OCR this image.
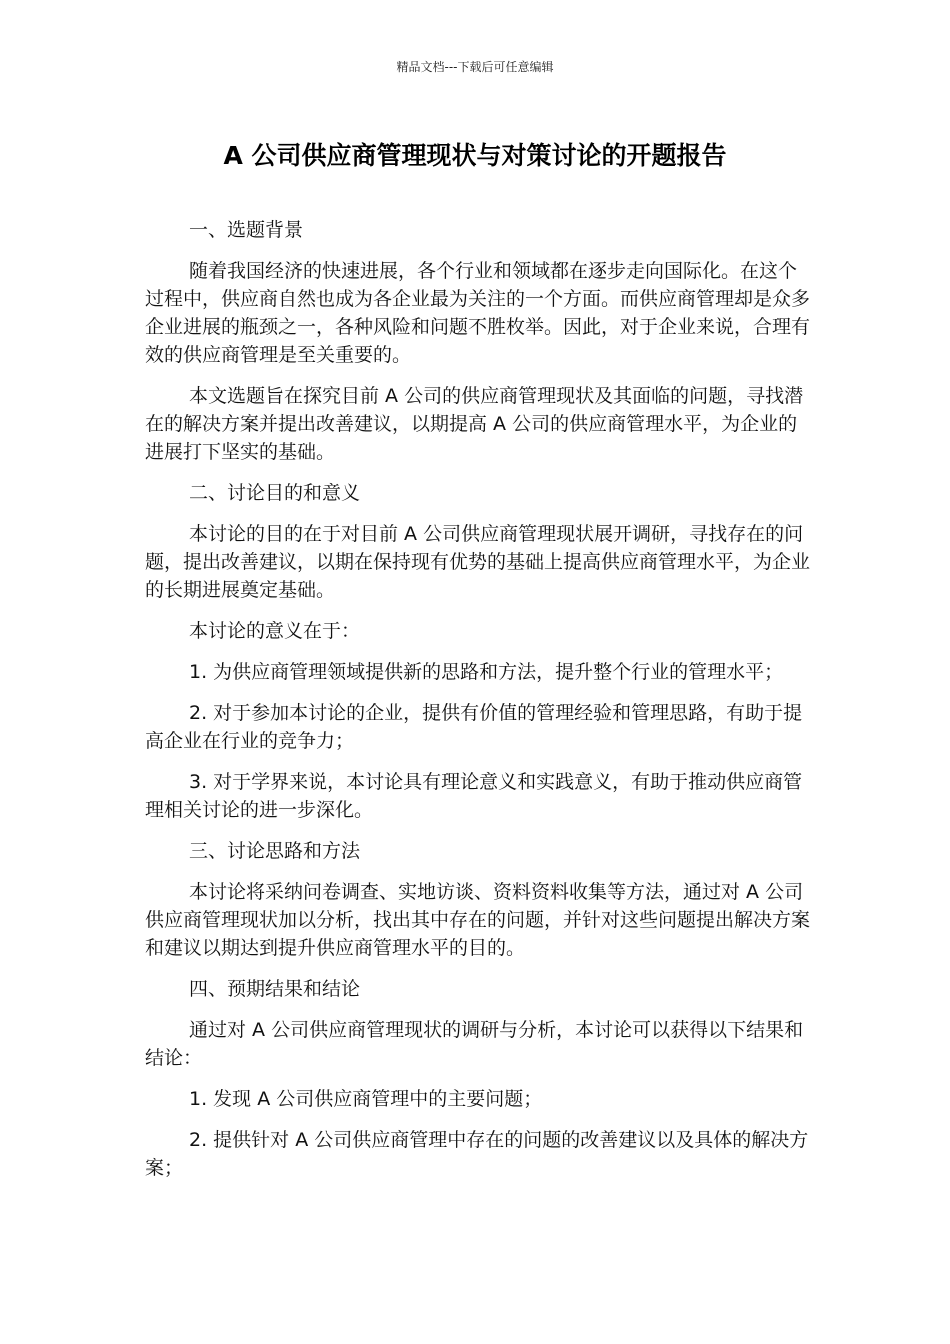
精品文档---下载后可任意编辑
A 公司供应商管理现状与对策讨论的开题报告

一、选题背景

随着我国经济的快速进展，各个行业和领域都在逐步走向国际化。在这个过程中，供应商自然也成为各企业最为关注的一个方面。而供应商管理却是众多企业进展的瓶颈之一，各种风险和问题不胜枚举。因此，对于企业来说，合理有效的供应商管理是至关重要的。

本文选题旨在探究目前 A 公司的供应商管理现状及其面临的问题，寻找潜在的解决方案并提出改善建议，以期提高 A 公司的供应商管理水平，为企业的进展打下坚实的基础。

二、讨论目的和意义

本讨论的目的在于对目前 A 公司供应商管理现状展开调研，寻找存在的问题，提出改善建议，以期在保持现有优势的基础上提高供应商管理水平，为企业的长期进展奠定基础。

本讨论的意义在于：

1. 为供应商管理领域提供新的思路和方法，提升整个行业的管理水平；

2. 对于参加本讨论的企业，提供有价值的管理经验和管理思路，有助于提高企业在行业的竞争力；

3. 对于学界来说，本讨论具有理论意义和实践意义，有助于推动供应商管理相关讨论的进一步深化。

三、讨论思路和方法

本讨论将采纳问卷调查、实地访谈、资料资料收集等方法，通过对 A 公司供应商管理现状加以分析，找出其中存在的问题，并针对这些问题提出解决方案和建议以期达到提升供应商管理水平的目的。

四、预期结果和结论

通过对 A 公司供应商管理现状的调研与分析，本讨论可以获得以下结果和结论：

1. 发现 A 公司供应商管理中的主要问题；

2. 提供针对 A 公司供应商管理中存在的问题的改善建议以及具体的解决方案；
